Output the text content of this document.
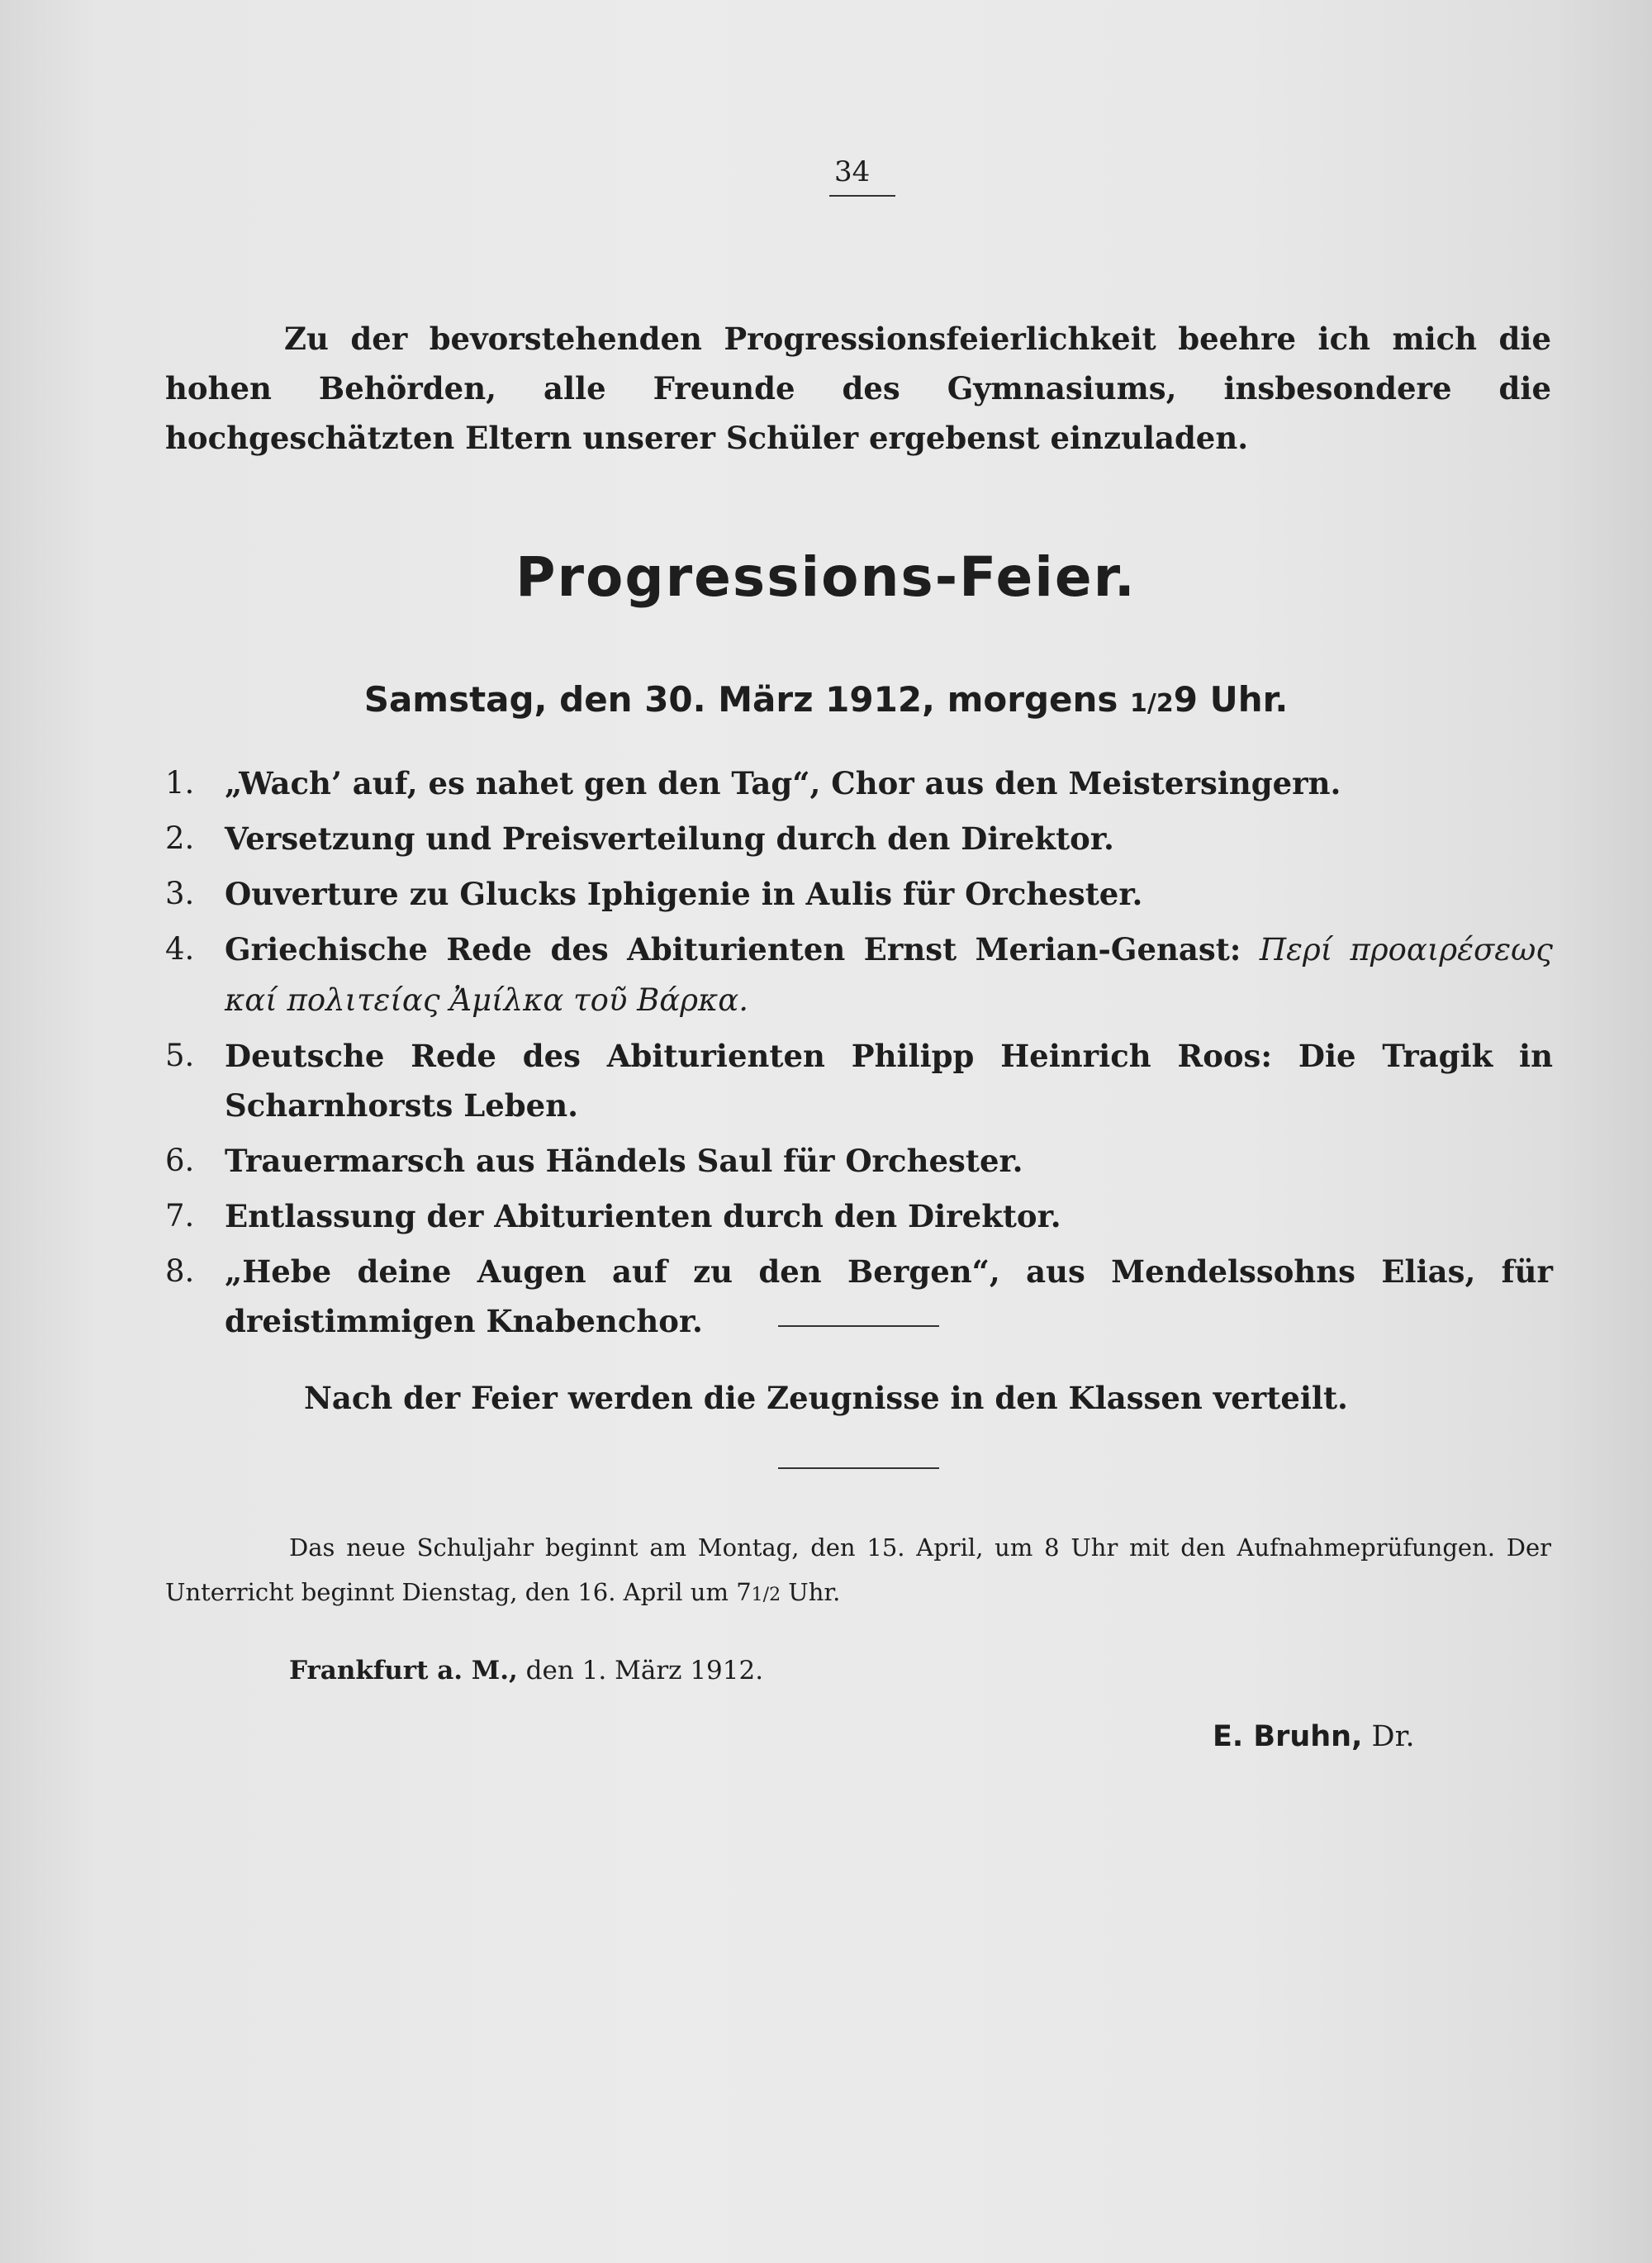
34

Zu der bevorstehenden Progressionsfeierlichkeit beehre ich mich die hohen Behörden, alle Freunde des Gymnasiums, insbesondere die hochgeschätzten Eltern unserer Schüler ergebenst einzuladen.

Progressions-Feier.
Samstag, den 30. März 1912, morgens 1/29 Uhr.
1. „Wach’ auf, es nahet gen den Tag“, Chor aus den Meistersingern.
2. Versetzung und Preisverteilung durch den Direktor.
3. Ouverture zu Glucks Iphigenie in Aulis für Orchester.
4. Griechische Rede des Abiturienten Ernst Merian-Genast: Περί προαιρέσεως καί πολιτείας Ἀμίλκα τοῦ Βάρκα.
5. Deutsche Rede des Abiturienten Philipp Heinrich Roos: Die Tragik in Scharnhorsts Leben.
6. Trauermarsch aus Händels Saul für Orchester.
7. Entlassung der Abiturienten durch den Direktor.
8. „Hebe deine Augen auf zu den Bergen“, aus Mendelssohns Elias, für dreistimmigen Knabenchor.
Nach der Feier werden die Zeugnisse in den Klassen verteilt.

Das neue Schuljahr beginnt am Montag, den 15. April, um 8 Uhr mit den Aufnahmeprüfungen. Der Unterricht beginnt Dienstag, den 16. April um 71/2 Uhr.

Frankfurt a. M., den 1. März 1912.
E. Bruhn, Dr.
